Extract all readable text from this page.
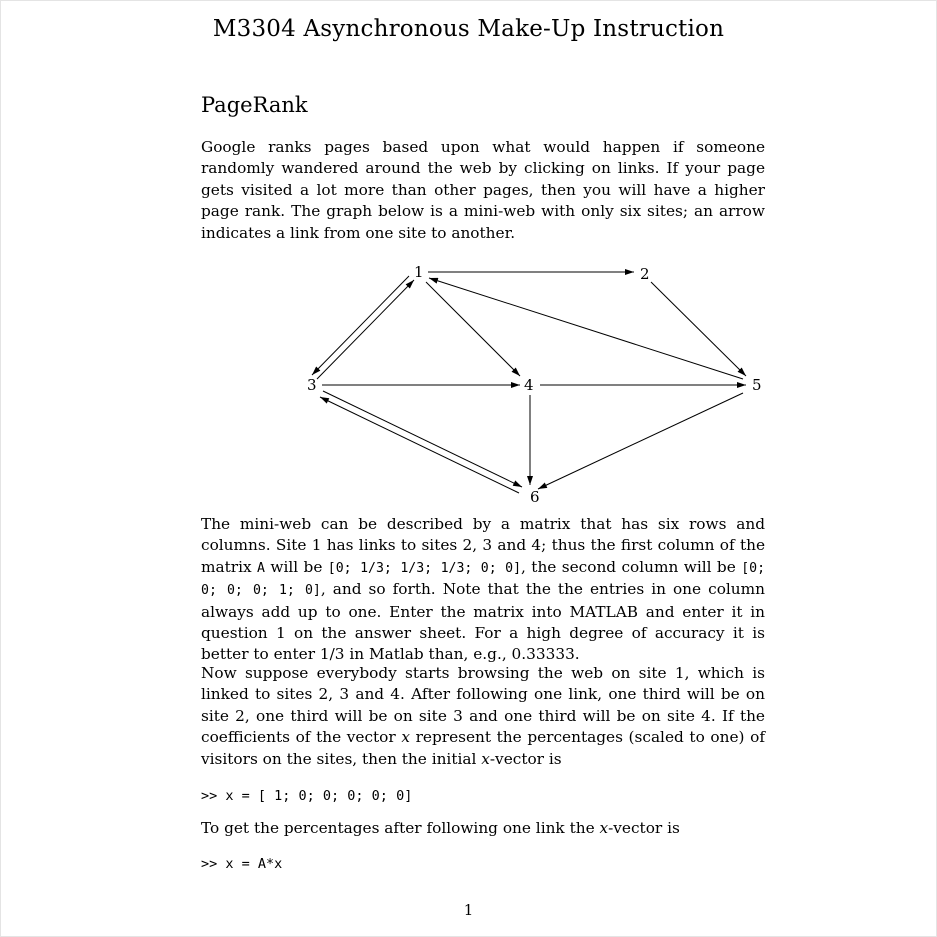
M3304 Asynchronous Make-Up Instruction
PageRank
Google ranks pages based upon what would happen if someone randomly wandered around the web by clicking on links. If your page gets visited a lot more than other pages, then you will have a higher page rank. The graph below is a mini-web with only six sites; an arrow indicates a link from one site to another.
1	2
3	4	5
6
The mini-web can be described by a matrix that has six rows and columns. Site 1 has links to sites 2, 3 and 4; thus the first column of the matrix A will be [0; 1/3; 1/3; 1/3; 0; 0], the second column will be [0; 0; 0; 0; 1; 0], and so forth. Note that the the entries in one column always add up to one. Enter the matrix into MATLAB and enter it in question 1 on the answer sheet. For a high degree of accuracy it is better to enter 1/3 in Matlab than, e.g., 0.33333.
Now suppose everybody starts browsing the web on site 1, which is linked to sites 2, 3 and 4. After following one link, one third will be on site 2, one third will be on site 3 and one third will be on site 4. If the coefficients of the vector x represent the percentages (scaled to one) of visitors on the sites, then the initial x-vector is
>> x = [ 1; 0; 0; 0; 0; 0]
To get the percentages after following one link the x-vector is
>> x = A*x
1
